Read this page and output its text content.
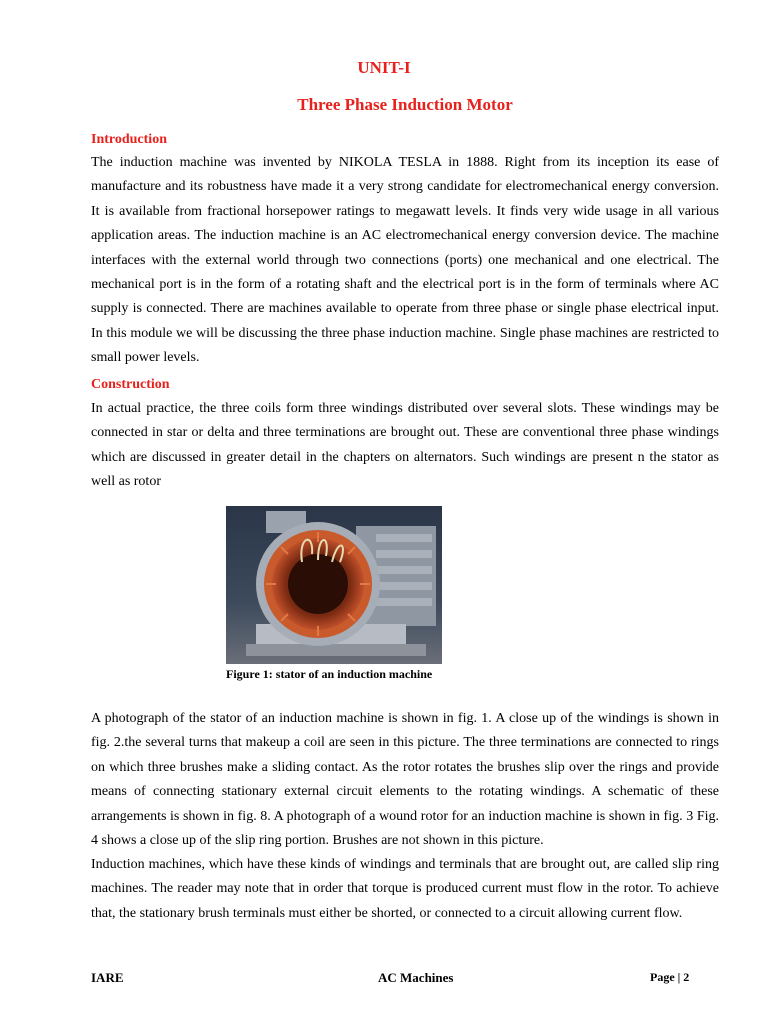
UNIT-I
Three Phase Induction Motor
Introduction

The induction machine was invented by NIKOLA TESLA in 1888. Right from its inception its ease of manufacture and its robustness have made it a very strong candidate for electromechanical energy conversion. It is available from fractional horsepower ratings to megawatt levels. It finds very wide usage in all various application areas. The induction machine is an AC electromechanical energy conversion device. The machine interfaces with the external world through two connections (ports) one mechanical and one electrical. The mechanical port is in the form of a rotating shaft and the electrical port is in the form of terminals where AC supply is connected. There are machines available to operate from three phase or single phase electrical input. In this module we will be discussing the three phase induction machine. Single phase machines are restricted to small power levels.

Construction

In actual practice, the three coils form three windings distributed over several slots. These windings may be connected in star or delta and three terminations are brought out. These are conventional three phase windings which are discussed in greater detail in the chapters on alternators. Such windings are present n the stator as well as rotor

Figure 1: stator of an induction machine

A photograph of the stator of an induction machine is shown in fig. 1. A close up of the windings is shown in fig. 2.the several turns that makeup a coil are seen in this picture. The three terminations are connected to rings on which three brushes make a sliding contact. As the rotor rotates the brushes slip over the rings and provide means of connecting stationary external circuit elements to the rotating windings. A schematic of these arrangements is shown in fig. 8. A photograph of a wound rotor for an induction machine is shown in fig. 3 Fig. 4 shows a close up of the slip ring portion. Brushes are not shown in this picture.

Induction machines, which have these kinds of windings and terminals that are brought out, are called slip ring machines. The reader may note that in order that torque is produced current must flow in the rotor. To achieve that, the stationary brush terminals must either be shorted, or connected to a circuit allowing current flow.

IARE	AC Machines	Page | 2
